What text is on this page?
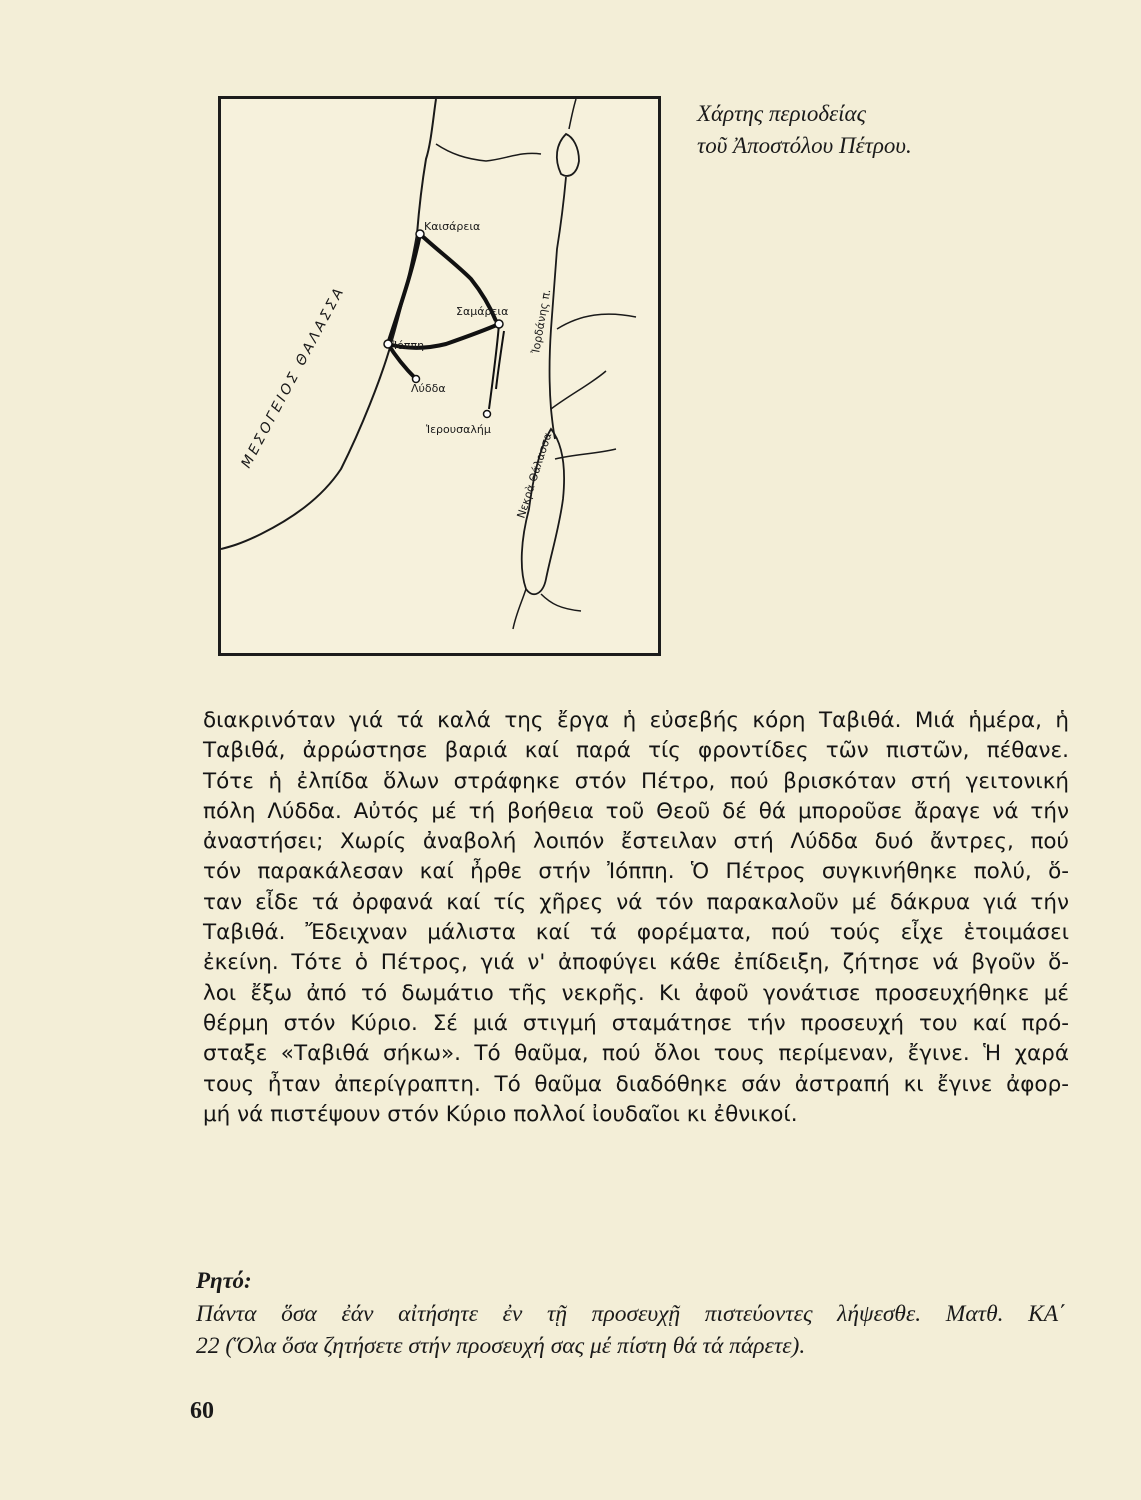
Καισάρεια
Σαμάρεια
Ἰόππη
Λύδδα
Ἱερουσαλήμ
Ἰορδάνης π.
Νεκρὰ Θάλασσα
ΜΕΣΟΓΕΙΟΣ ΘΑΛΑΣΣΑ
Χάρτης περιοδείας
τοῦ Ἀποστόλου Πέτρου.
διακρινόταν γιά τά καλά της ἔργα ἡ εὐσεβής κόρη Ταβιθά. Μιά ἡμέρα, ἡ
Ταβιθά, ἀρρώστησε βαριά καί παρά τίς φροντίδες τῶν πιστῶν, πέθανε.
Τότε ἡ ἐλπίδα ὅλων στράφηκε στόν Πέτρο, πού βρισκόταν στή γειτονική
πόλη Λύδδα. Αὐτός μέ τή βοήθεια τοῦ Θεοῦ δέ θά μποροῦσε ἄραγε νά τήν
ἀναστήσει; Χωρίς ἀναβολή λοιπόν ἔστειλαν στή Λύδδα δυό ἄντρες, πού
τόν παρακάλεσαν καί ἦρθε στήν Ἰόππη. Ὁ Πέτρος συγκινήθηκε πολύ, ὅ-
ταν εἶδε τά ὀρφανά καί τίς χῆρες νά τόν παρακαλοῦν μέ δάκρυα γιά τήν
Ταβιθά. Ἔδειχναν μάλιστα καί τά φορέματα, πού τούς εἶχε ἑτοιμάσει
ἐκείνη. Τότε ὁ Πέτρος, γιά ν' ἀποφύγει κάθε ἐπίδειξη, ζήτησε νά βγοῦν ὅ-
λοι ἔξω ἀπό τό δωμάτιο τῆς νεκρῆς. Κι ἀφοῦ γονάτισε προσευχήθηκε μέ
θέρμη στόν Κύριο. Σέ μιά στιγμή σταμάτησε τήν προσευχή του καί πρό-
σταξε «Ταβιθά σήκω». Τό θαῦμα, πού ὅλοι τους περίμεναν, ἔγινε. Ἡ χαρά
τους ἦταν ἀπερίγραπτη. Τό θαῦμα διαδόθηκε σάν ἀστραπή κι ἔγινε ἀφορ-
μή νά πιστέψουν στόν Κύριο πολλοί ἰουδαῖοι κι ἐθνικοί.
Ρητό:
Πάντα ὅσα ἐάν αἰτήσητε ἐν τῇ προσευχῇ πιστεύοντες λήψεσθε. Ματθ. ΚΑ΄
22 (Ὅλα ὅσα ζητήσετε στήν προσευχή σας μέ πίστη θά τά πάρετε).
60
